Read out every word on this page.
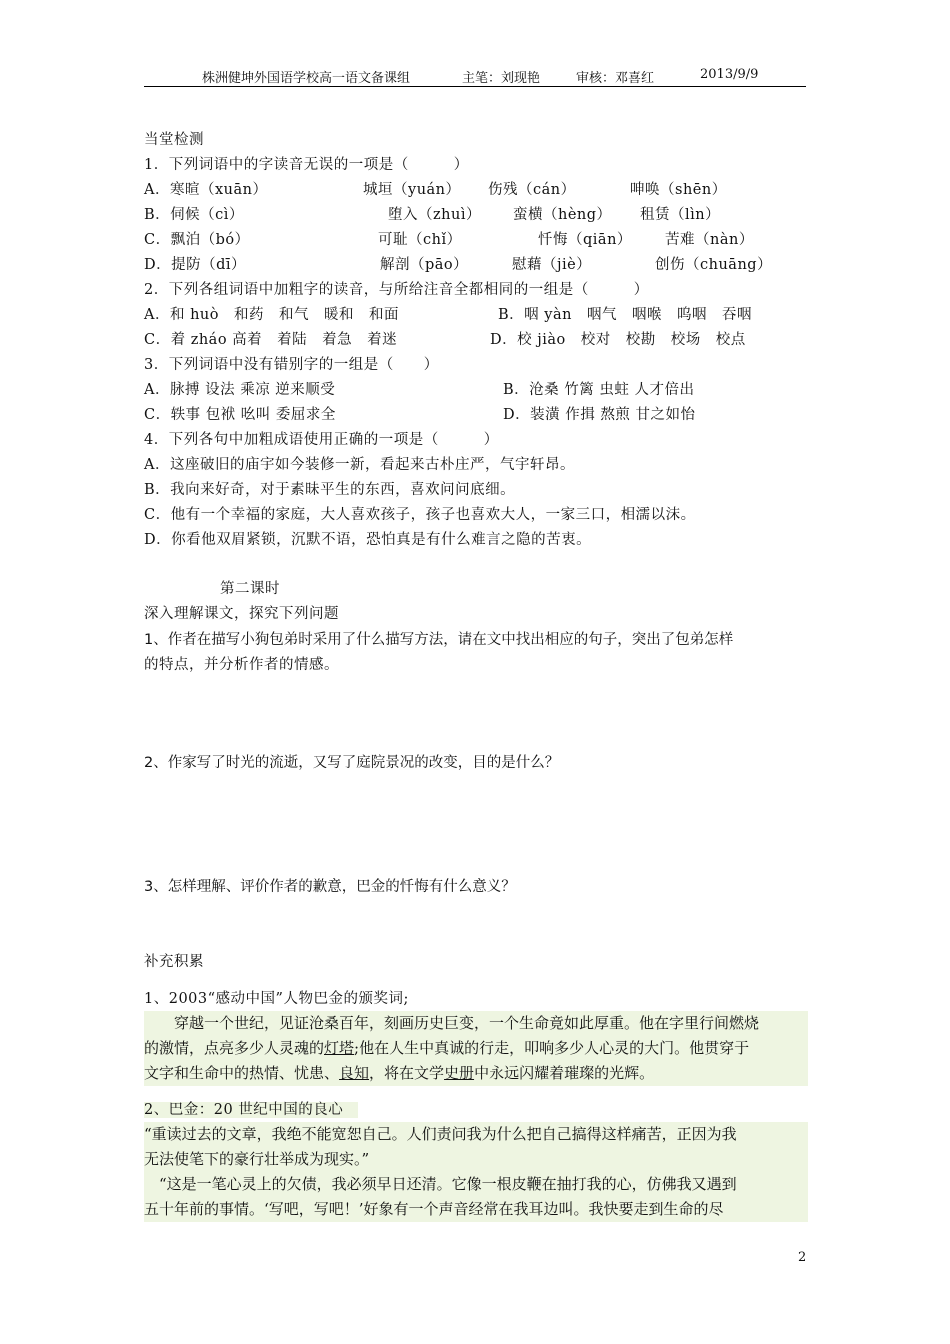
株洲健坤外国语学校高一语文备课组	主笔：刘现艳	审核：邓喜红	2013/9/9
当堂检测
1．下列词语中的字读音无误的一项是（　　　）
A．寒暄（xuān）	城垣（yuán） 伤残（cán）	呻唤（shēn）
B．伺候（cì）	堕入（zhuì） 蛮横（hèng） 租赁（lìn）
C．飘泊（bó）	可耻（chǐ）	忏悔（qiān） 苦难（nàn）
D．提防（dī）	解剖（pāo）	慰藉（jiè）	创伤（chuāng）
2．下列各组词语中加粗字的读音，与所给注音全都相同的一组是（　　　）
A．和 huò　和药　和气　暖和　和面	B．咽 yàn　咽气　咽喉　呜咽　吞咽
C．着 zháo 高着　着陆　着急　着迷	D．校 jiào　校对　校勘　校场　校点
3．下列词语中没有错别字的一组是（　　）
A．脉搏 设法 乘凉 逆来顺受	B．沧桑 竹篱 虫蛀 人才倍出
C．轶事 包袱 吆叫 委屈求全	D．装潢 作揖 熬煎 甘之如怡
4．下列各句中加粗成语使用正确的一项是（　　　）
A．这座破旧的庙宇如今装修一新，看起来古朴庄严，气宇轩昂。
B．我向来好奇，对于素昧平生的东西，喜欢问问底细。
C．他有一个幸福的家庭，大人喜欢孩子，孩子也喜欢大人，一家三口，相濡以沫。
D．你看他双眉紧锁，沉默不语，恐怕真是有什么难言之隐的苦衷。
第二课时
深入理解课文，探究下列问题
1、作者在描写小狗包弟时采用了什么描写方法，请在文中找出相应的句子，突出了包弟怎样
的特点，并分析作者的情感。
2、作家写了时光的流逝，又写了庭院景况的改变，目的是什么？
3、怎样理解、评价作者的歉意，巴金的忏悔有什么意义？
补充积累
1、2003“感动中国”人物巴金的颁奖词;
　　穿越一个世纪，见证沧桑百年，刻画历史巨变，一个生命竟如此厚重。他在字里行间燃烧
的激情，点亮多少人灵魂的灯塔;他在人生中真诚的行走，叩响多少人心灵的大门。他贯穿于
文字和生命中的热情、忧患、良知，将在文学史册中永远闪耀着璀璨的光辉。
2、巴金：20 世纪中国的良心　
“重读过去的文章，我绝不能宽恕自己。人们责问我为什么把自己搞得这样痛苦，正因为我
无法使笔下的豪行壮举成为现实。”
　“这是一笔心灵上的欠债，我必须早日还清。它像一根皮鞭在抽打我的心，仿佛我又遇到
五十年前的事情。‘写吧，写吧！’好象有一个声音经常在我耳边叫。我快要走到生命的尽
2
